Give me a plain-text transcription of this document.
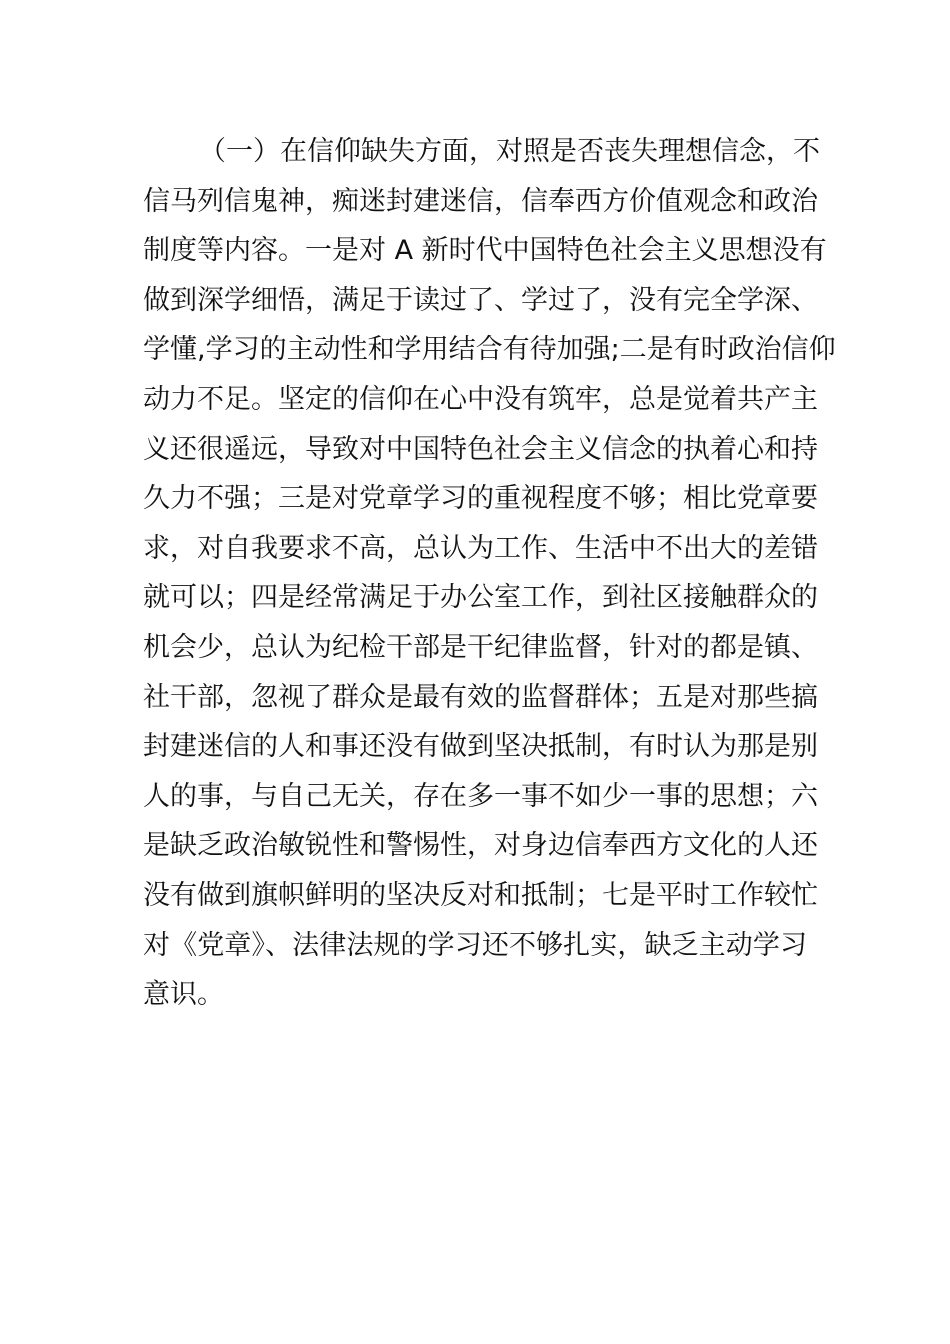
（一）在信仰缺失方面，对照是否丧失理想信念，不
信马列信鬼神，痴迷封建迷信，信奉西方价值观念和政治
制度等内容。一是对 A 新时代中国特色社会主义思想没有
做到深学细悟，满足于读过了、学过了，没有完全学深、
学懂,学习的主动性和学用结合有待加强;二是有时政治信仰
动力不足。坚定的信仰在心中没有筑牢，总是觉着共产主
义还很遥远，导致对中国特色社会主义信念的执着心和持
久力不强；三是对党章学习的重视程度不够；相比党章要
求，对自我要求不高，总认为工作、生活中不出大的差错
就可以；四是经常满足于办公室工作，到社区接触群众的
机会少，总认为纪检干部是干纪律监督，针对的都是镇、
社干部，忽视了群众是最有效的监督群体；五是对那些搞
封建迷信的人和事还没有做到坚决抵制，有时认为那是别
人的事，与自己无关，存在多一事不如少一事的思想；六
是缺乏政治敏锐性和警惕性，对身边信奉西方文化的人还
没有做到旗帜鲜明的坚决反对和抵制；七是平时工作较忙
对《党章》、法律法规的学习还不够扎实，缺乏主动学习
意识。
